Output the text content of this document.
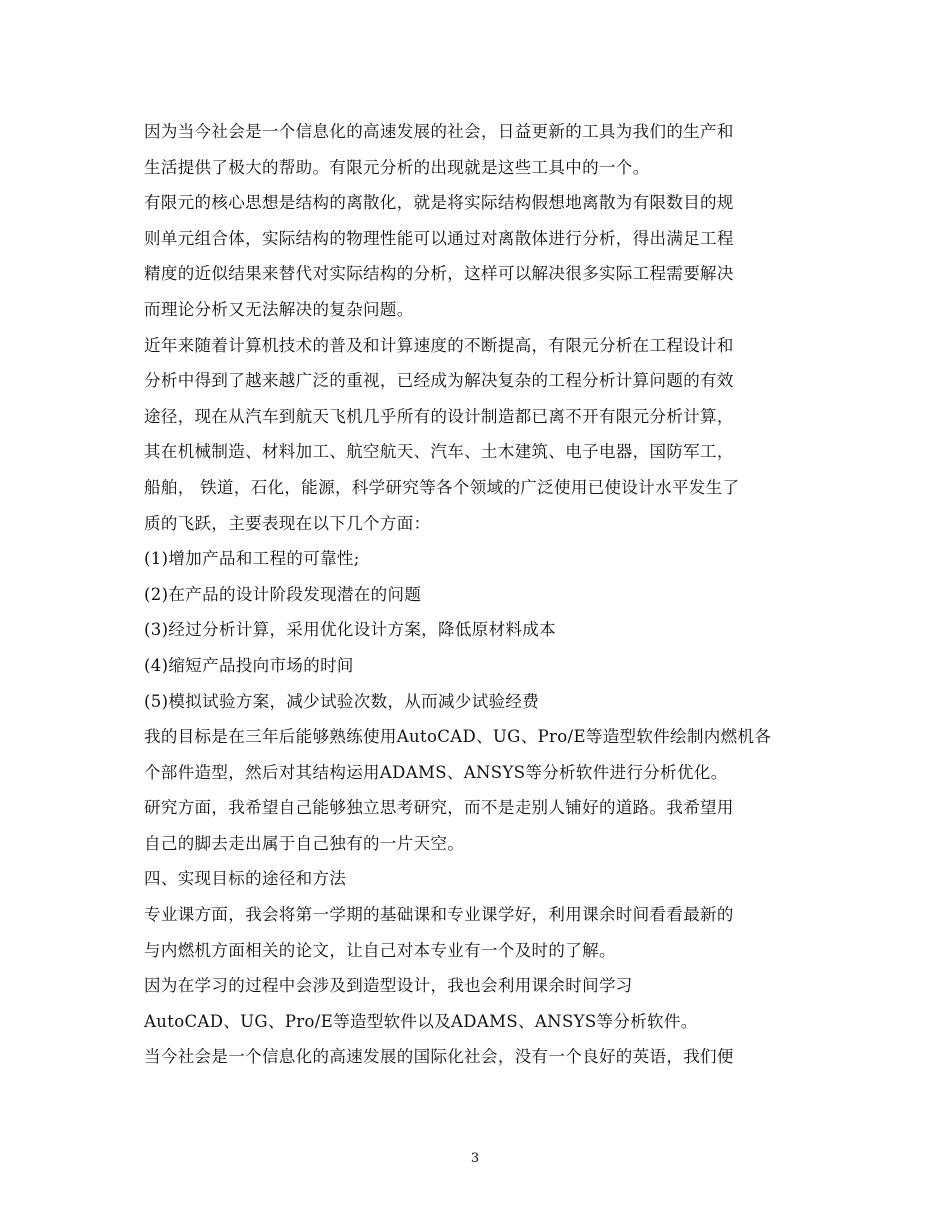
因为当今社会是一个信息化的高速发展的社会，日益更新的工具为我们的生产和
生活提供了极大的帮助。有限元分析的出现就是这些工具中的一个。
有限元的核心思想是结构的离散化，就是将实际结构假想地离散为有限数目的规
则单元组合体，实际结构的物理性能可以通过对离散体进行分析，得出满足工程
精度的近似结果来替代对实际结构的分析，这样可以解决很多实际工程需要解决
而理论分析又无法解决的复杂问题。
近年来随着计算机技术的普及和计算速度的不断提高，有限元分析在工程设计和
分析中得到了越来越广泛的重视，已经成为解决复杂的工程分析计算问题的有效
途径，现在从汽车到航天飞机几乎所有的设计制造都已离不开有限元分析计算，
其在机械制造、材料加工、航空航天、汽车、土木建筑、电子电器，国防军工，
船舶， 铁道，石化，能源，科学研究等各个领域的广泛使用已使设计水平发生了
质的飞跃，主要表现在以下几个方面：
(1)增加产品和工程的可靠性;
(2)在产品的设计阶段发现潜在的问题
(3)经过分析计算，采用优化设计方案，降低原材料成本
(4)缩短产品投向市场的时间
(5)模拟试验方案，减少试验次数，从而减少试验经费
我的目标是在三年后能够熟练使用AutoCAD、UG、Pro/E等造型软件绘制内燃机各
个部件造型，然后对其结构运用ADAMS、ANSYS等分析软件进行分析优化。
研究方面，我希望自己能够独立思考研究，而不是走别人铺好的道路。我希望用
自己的脚去走出属于自己独有的一片天空。
四、实现目标的途径和方法
专业课方面，我会将第一学期的基础课和专业课学好，利用课余时间看看最新的
与内燃机方面相关的论文，让自己对本专业有一个及时的了解。
因为在学习的过程中会涉及到造型设计，我也会利用课余时间学习
AutoCAD、UG、Pro/E等造型软件以及ADAMS、ANSYS等分析软件。
当今社会是一个信息化的高速发展的国际化社会，没有一个良好的英语，我们便
3
